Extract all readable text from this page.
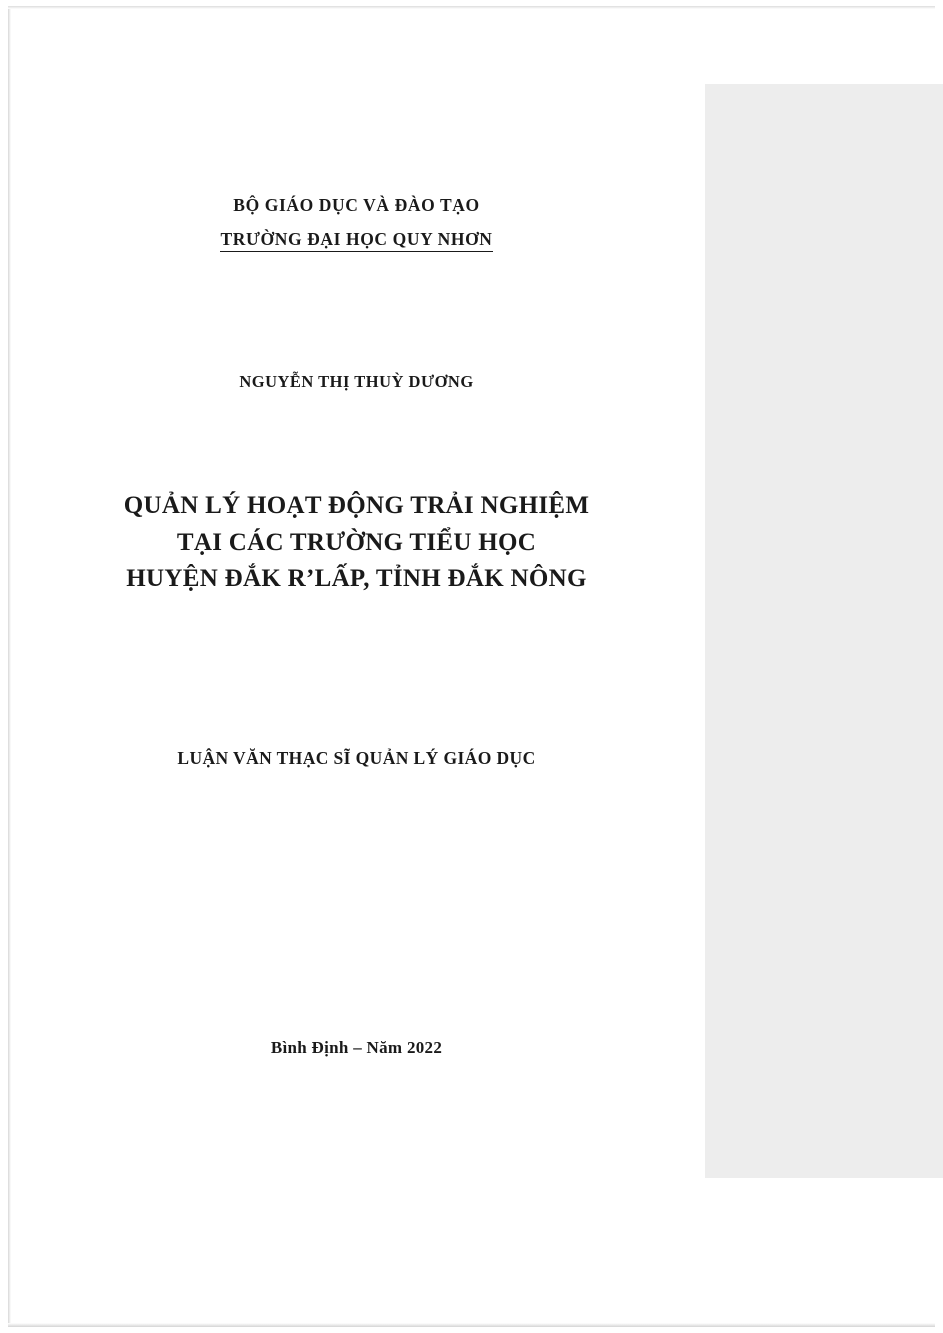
BỘ GIÁO DỤC VÀ ĐÀO TẠO
TRƯỜNG ĐẠI HỌC QUY NHƠN
NGUYỄN THỊ THUỲ DƯƠNG
QUẢN LÝ HOẠT ĐỘNG TRẢI NGHIỆM
TẠI CÁC TRƯỜNG TIỂU HỌC
HUYỆN ĐẮK R’LẤP, TỈNH ĐẮK NÔNG
LUẬN VĂN THẠC SĨ QUẢN LÝ GIÁO DỤC
Bình Định – Năm 2022
